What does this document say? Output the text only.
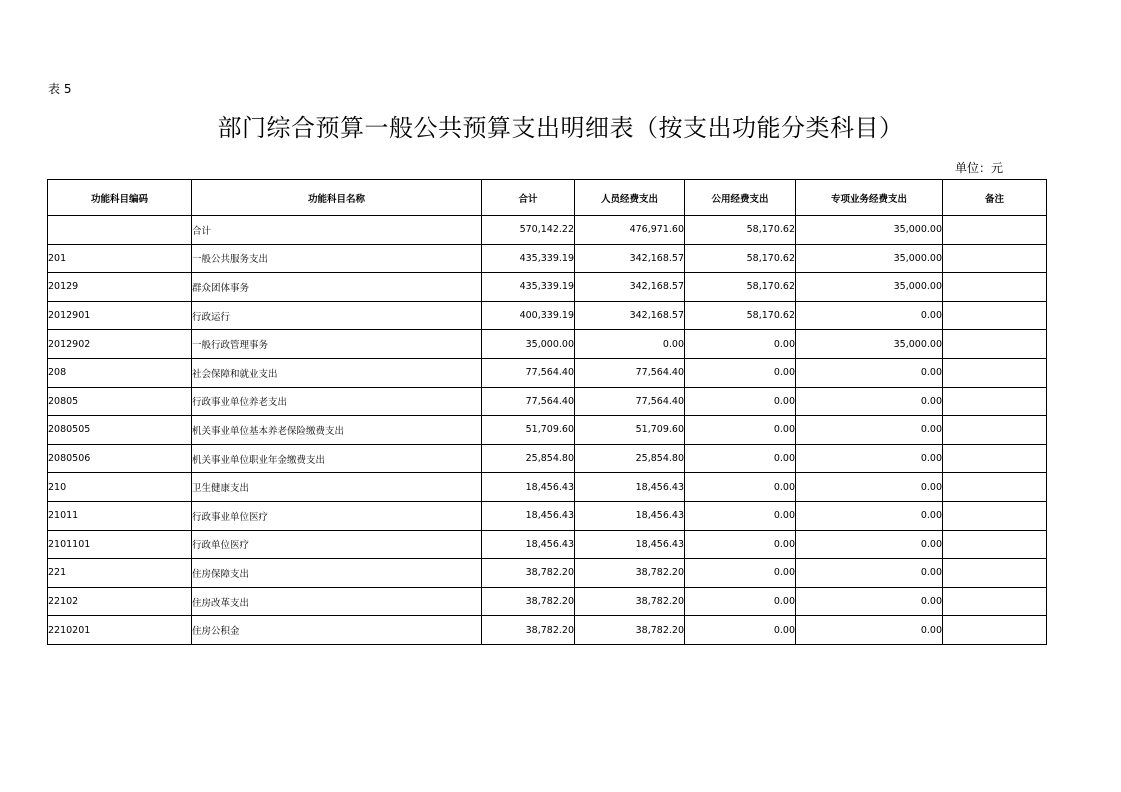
表 5
部门综合预算一般公共预算支出明细表（按支出功能分类科目）
单位：元
功能科目编码	功能科目名称	合计	人员经费支出	公用经费支出	专项业务经费支出	备注
	合计	570,142.22	476,971.60	58,170.62	35,000.00	
201	一般公共服务支出	435,339.19	342,168.57	58,170.62	35,000.00	
20129	群众团体事务	435,339.19	342,168.57	58,170.62	35,000.00	
2012901	行政运行	400,339.19	342,168.57	58,170.62	0.00	
2012902	一般行政管理事务	35,000.00	0.00	0.00	35,000.00	
208	社会保障和就业支出	77,564.40	77,564.40	0.00	0.00	
20805	行政事业单位养老支出	77,564.40	77,564.40	0.00	0.00	
2080505	机关事业单位基本养老保险缴费支出	51,709.60	51,709.60	0.00	0.00	
2080506	机关事业单位职业年金缴费支出	25,854.80	25,854.80	0.00	0.00	
210	卫生健康支出	18,456.43	18,456.43	0.00	0.00	
21011	行政事业单位医疗	18,456.43	18,456.43	0.00	0.00	
2101101	行政单位医疗	18,456.43	18,456.43	0.00	0.00	
221	住房保障支出	38,782.20	38,782.20	0.00	0.00	
22102	住房改革支出	38,782.20	38,782.20	0.00	0.00	
2210201	住房公积金	38,782.20	38,782.20	0.00	0.00	
